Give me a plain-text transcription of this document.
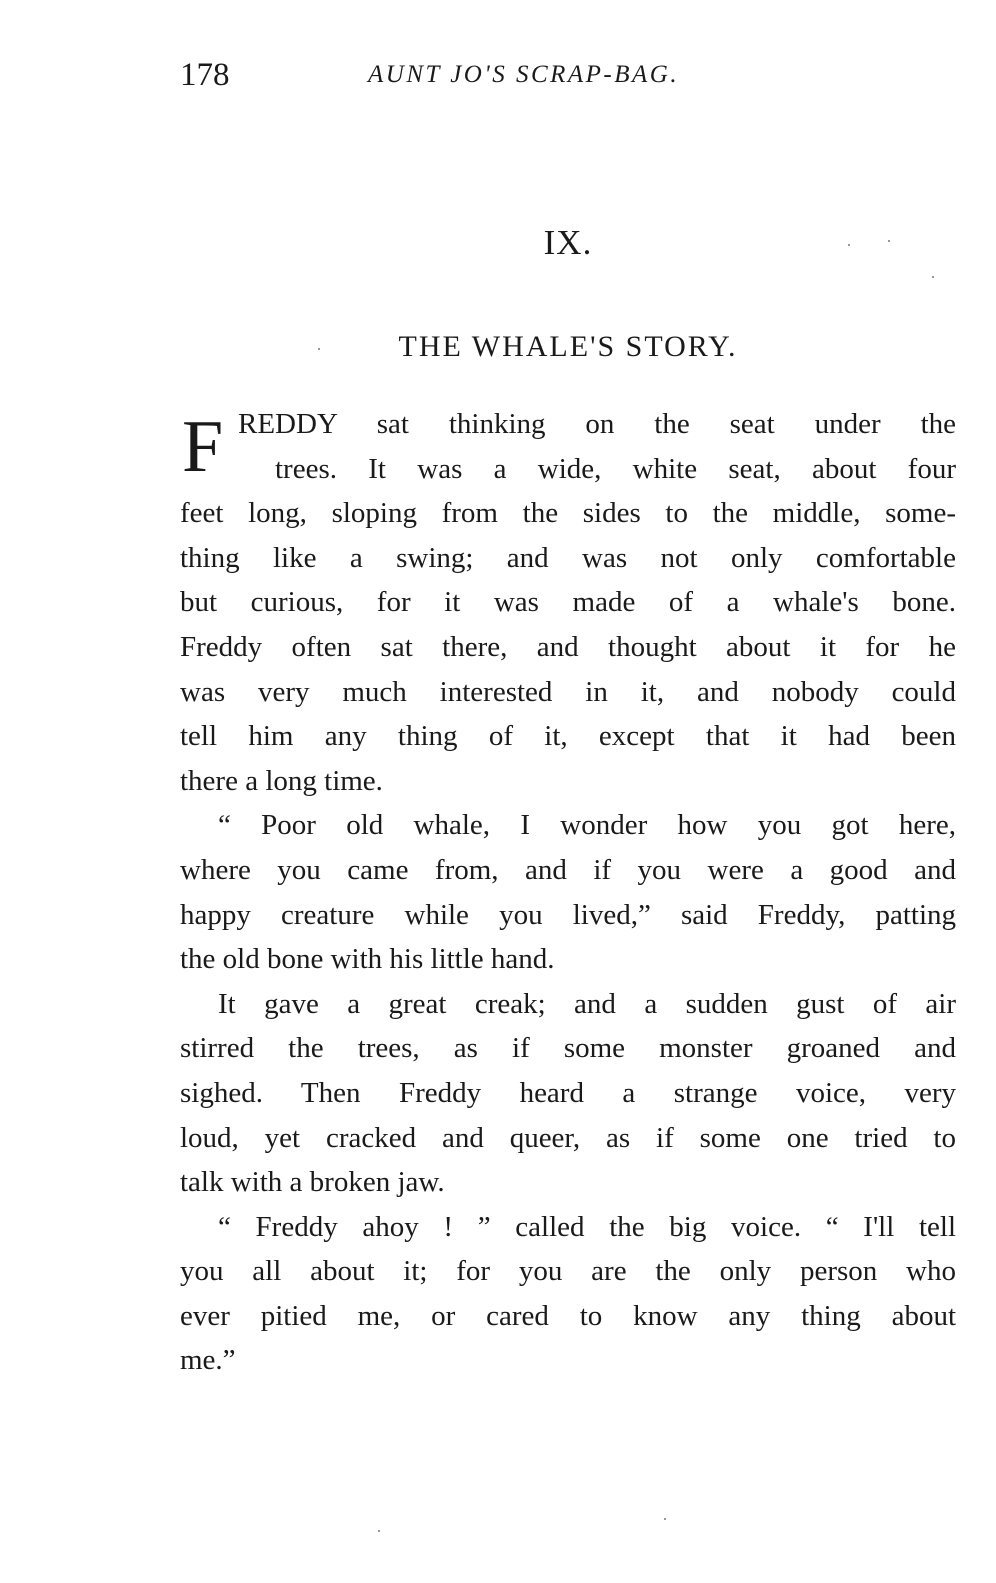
178	AUNT JO'S SCRAP-BAG.
IX.
THE WHALE'S STORY.
F REDDY sat thinking on the seat under the
trees. It was a wide, white seat, about four
feet long, sloping from the sides to the middle, some-
thing like a swing; and was not only comfortable
but curious, for it was made of a whale's bone.
Freddy often sat there, and thought about it for he
was very much interested in it, and nobody could
tell him any thing of it, except that it had been
there a long time.
“ Poor old whale, I wonder how you got here,
where you came from, and if you were a good and
happy creature while you lived,” said Freddy, patting
the old bone with his little hand.
It gave a great creak; and a sudden gust of air
stirred the trees, as if some monster groaned and
sighed. Then Freddy heard a strange voice, very
loud, yet cracked and queer, as if some one tried to
talk with a broken jaw.
“ Freddy ahoy ! ” called the big voice. “ I'll tell
you all about it; for you are the only person who
ever pitied me, or cared to know any thing about
me.”
